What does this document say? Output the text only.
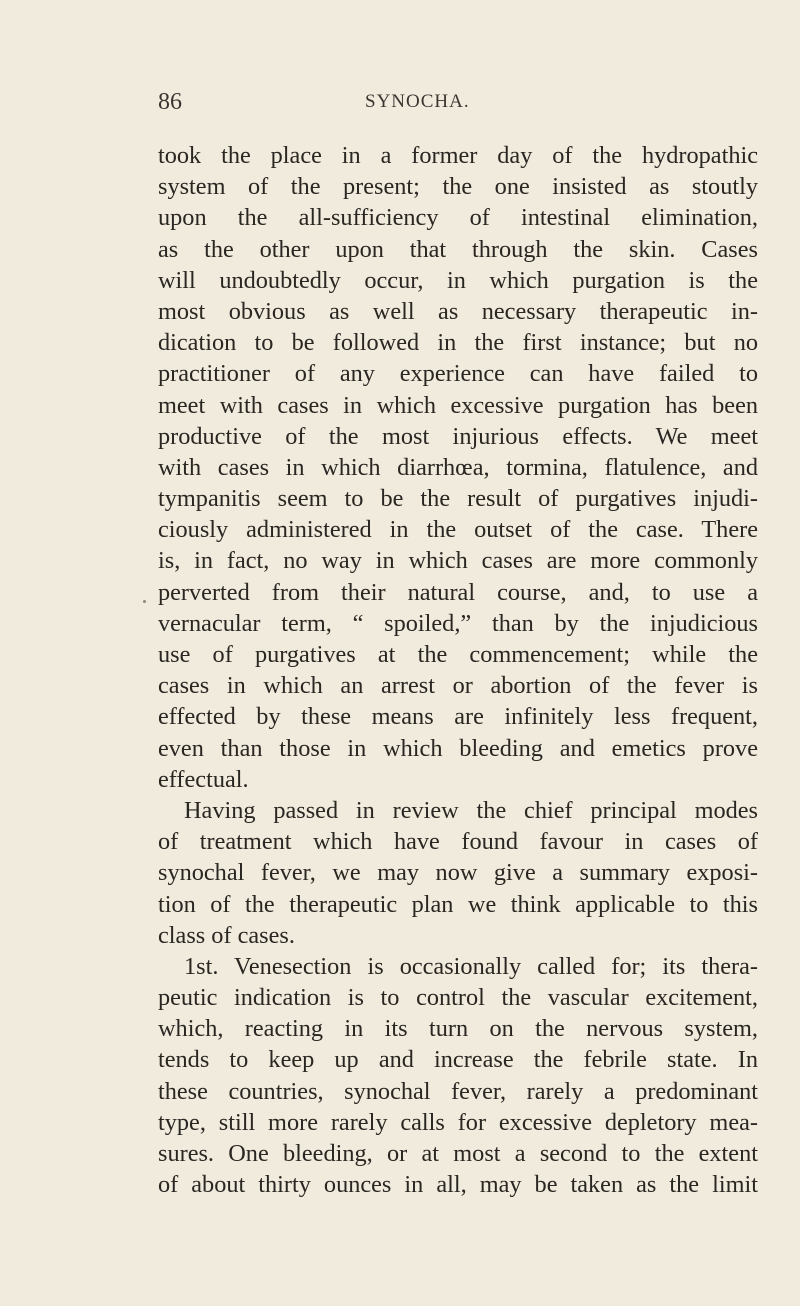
86	SYNOCHA.
took the place in a former day of the hydropathic
system of the present; the one insisted as stoutly
upon the all-sufficiency of intestinal elimination,
as the other upon that through the skin. Cases
will undoubtedly occur, in which purgation is the
most obvious as well as necessary therapeutic in-
dication to be followed in the first instance; but no
practitioner of any experience can have failed to
meet with cases in which excessive purgation has been
productive of the most injurious effects. We meet
with cases in which diarrhœa, tormina, flatulence, and
tympanitis seem to be the result of purgatives injudi-
ciously administered in the outset of the case. There
is, in fact, no way in which cases are more commonly
perverted from their natural course, and, to use a
vernacular term, “ spoiled,” than by the injudicious
use of purgatives at the commencement; while the
cases in which an arrest or abortion of the fever is
effected by these means are infinitely less frequent,
even than those in which bleeding and emetics prove
effectual.
Having passed in review the chief principal modes
of treatment which have found favour in cases of
synochal fever, we may now give a summary exposi-
tion of the therapeutic plan we think applicable to this
class of cases.
1st. Venesection is occasionally called for; its thera-
peutic indication is to control the vascular excitement,
which, reacting in its turn on the nervous system,
tends to keep up and increase the febrile state. In
these countries, synochal fever, rarely a predominant
type, still more rarely calls for excessive depletory mea-
sures. One bleeding, or at most a second to the extent
of about thirty ounces in all, may be taken as the limit
